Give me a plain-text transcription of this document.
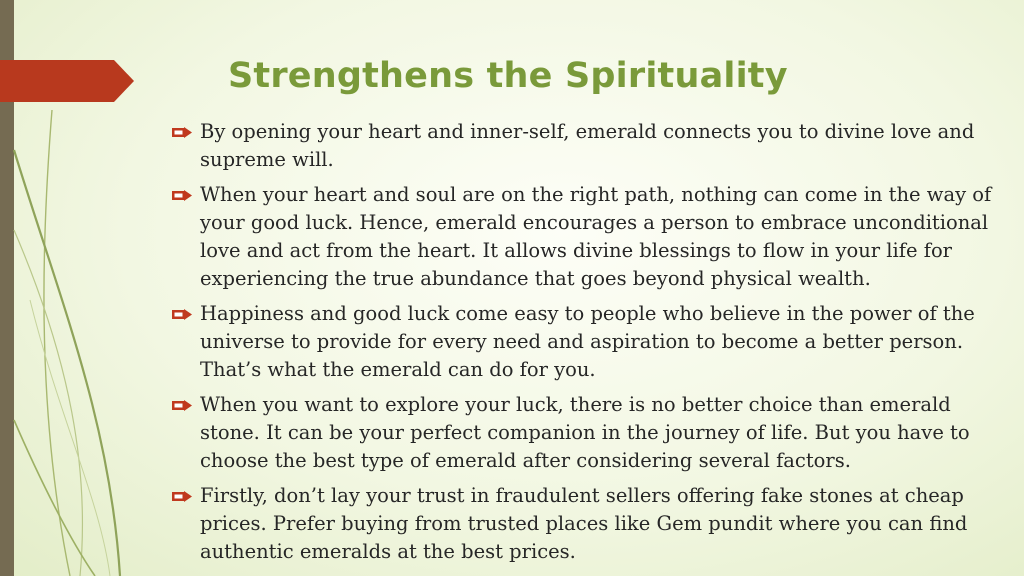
Strengthens the Spirituality
By opening your heart and inner-self, emerald connects you to divine love and supreme will.
When your heart and soul are on the right path, nothing can come in the way of your good luck. Hence, emerald encourages a person to embrace unconditional love and act from the heart. It allows divine blessings to flow in your life for experiencing the true abundance that goes beyond physical wealth.
Happiness and good luck come easy to people who believe in the power of the universe to provide for every need and aspiration to become a better person. That’s what the emerald can do for you.
When you want to explore your luck, there is no better choice than emerald stone. It can be your perfect companion in the journey of life. But you have to choose the best type of emerald after considering several factors.
Firstly, don’t lay your trust in fraudulent sellers offering fake stones at cheap prices. Prefer buying from trusted places like Gem pundit where you can find authentic emeralds at the best prices.
